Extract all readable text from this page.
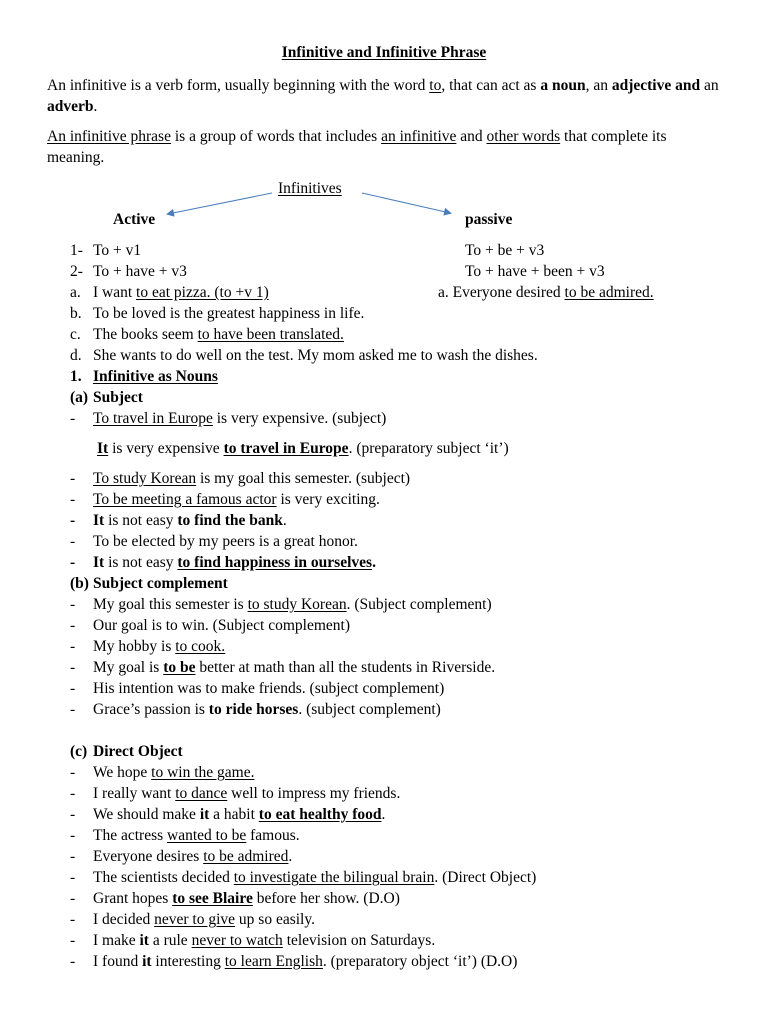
Infinitive and Infinitive Phrase
An infinitive is a verb form, usually beginning with the word to, that can act as a noun, an adjective and an adverb.
An infinitive phrase is a group of words that includes an infinitive and other words that complete its meaning.
Infinitives
Active	passive
1- To + v1	To + be + v3
2- To + have + v3	To + have + been + v3
a. I want to eat pizza. (to +v 1)	a. Everyone desired to be admired.
b. To be loved is the greatest happiness in life.
c. The books seem to have been translated.
d. She wants to do well on the test. My mom asked me to wash the dishes.
1. Infinitive as Nouns
(a) Subject
- To travel in Europe is very expensive. (subject)
It is very expensive to travel in Europe. (preparatory subject ‘it’)
- To study Korean is my goal this semester. (subject)
- To be meeting a famous actor is very exciting.
- It is not easy to find the bank.
- To be elected by my peers is a great honor.
- It is not easy to find happiness in ourselves.
(b) Subject complement
- My goal this semester is to study Korean. (Subject complement)
- Our goal is to win. (Subject complement)
- My hobby is to cook.
- My goal is to be better at math than all the students in Riverside.
- His intention was to make friends. (subject complement)
- Grace’s passion is to ride horses. (subject complement)
(c) Direct Object
- We hope to win the game.
- I really want to dance well to impress my friends.
- We should make it a habit to eat healthy food.
- The actress wanted to be famous.
- Everyone desires to be admired.
- The scientists decided to investigate the bilingual brain. (Direct Object)
- Grant hopes to see Blaire before her show. (D.O)
- I decided never to give up so easily.
- I make it a rule never to watch television on Saturdays.
- I found it interesting to learn English. (preparatory object ‘it’) (D.O)
